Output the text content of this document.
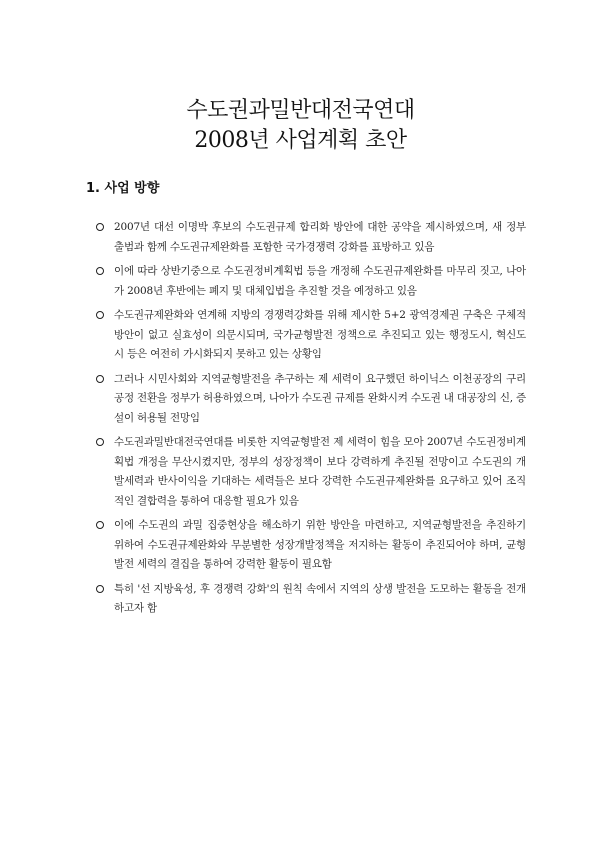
수도권과밀반대전국연대
2008년 사업계획 초안
1. 사업 방향
2007년 대선 이명박 후보의 수도권규제 합리화 방안에 대한 공약을 제시하였으며, 새 정부 출범과 함께 수도권규제완화를 포함한 국가경쟁력 강화를 표방하고 있음
이에 따라 상반기중으로 수도권정비계획법 등을 개정해 수도권규제완화를 마무리 짓고, 나아가 2008년 후반에는 폐지 및 대체입법을 추진할 것을 예정하고 있음
수도권규제완화와 연계해 지방의 경쟁력강화를 위해 제시한 5+2 광역경제권 구축은 구체적 방안이 없고 실효성이 의문시되며, 국가균형발전 정책으로 추진되고 있는 행정도시, 혁신도시 등은 여전히 가시화되지 못하고 있는 상황임
그러나 시민사회와 지역균형발전을 추구하는 제 세력이 요구했던 하이닉스 이천공장의 구리공정 전환을 정부가 허용하였으며, 나아가 수도권 규제를 완화시켜 수도권 내 대공장의 신, 증설이 허용될 전망임
수도권과밀반대전국연대를 비롯한 지역균형발전 제 세력이 힘을 모아 2007년 수도권정비계획법 개정을 무산시켰지만, 정부의 성장정책이 보다 강력하게 추진될 전망이고 수도권의 개발세력과 반사이익을 기대하는 세력들은 보다 강력한 수도권규제완화를 요구하고 있어 조직적인 결합력을 통하여 대응할 필요가 있음
이에 수도권의 과밀 집중현상을 해소하기 위한 방안을 마련하고, 지역균형발전을 추진하기 위하여 수도권규제완화와 무분별한 성장개발정책을 저지하는 활동이 추진되어야 하며, 균형발전 세력의 결집을 통하여 강력한 활동이 필요함
특히 '선 지방육성, 후 경쟁력 강화'의 원칙 속에서 지역의 상생 발전을 도모하는 활동을 전개하고자 함
